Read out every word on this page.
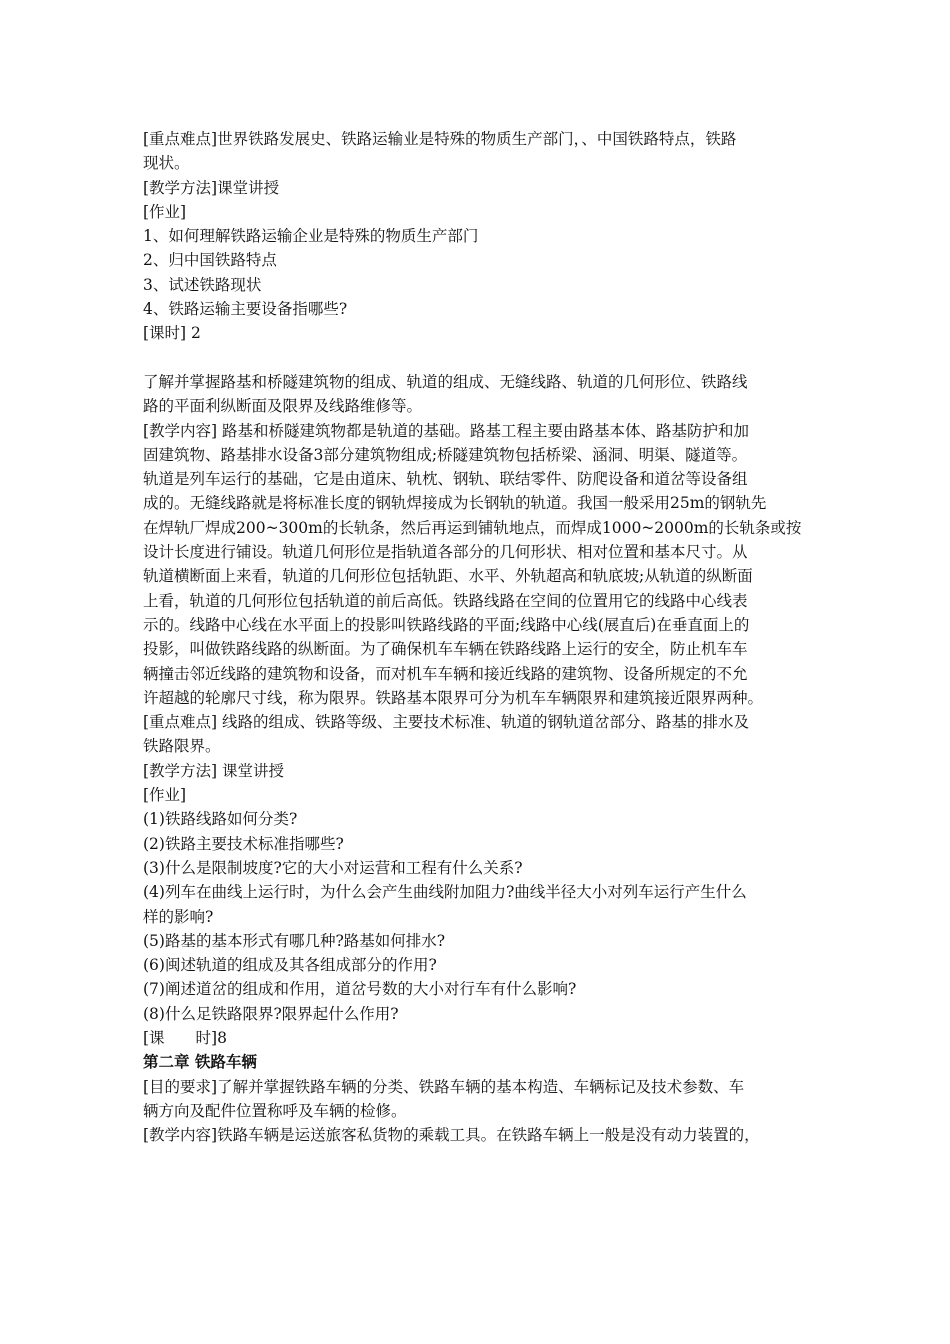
[重点难点]世界铁路发展史、铁路运输业是特殊的物质生产部门，、中国铁路特点，铁路
现状。
[教学方法]课堂讲授
[作业]
1、如何理解铁路运输企业是特殊的物质生产部门
2、归中国铁路特点
3、试述铁路现状
4、铁路运输主要设备指哪些?
[课时] 2
了解并掌握路基和桥隧建筑物的组成、轨道的组成、无缝线路、轨道的几何形位、铁路线
路的平面利纵断面及限界及线路维修等。
[教学内容] 路基和桥隧建筑物都是轨道的基础。路基工程主要由路基本体、路基防护和加
固建筑物、路基排水设备3部分建筑物组成;桥隧建筑物包括桥梁、涵洞、明渠、隧道等。
轨道是列车运行的基础，它是由道床、轨枕、钢轨、联结零件、防爬设备和道岔等设备组
成的。无缝线路就是将标准长度的钢轨焊接成为长钢轨的轨道。我国一般采用25m的钢轨先
在焊轨厂焊成200~300m的长轨条，然后再运到铺轨地点，而焊成1000~2000m的长轨条或按
设计长度进行铺设。轨道几何形位是指轨道各部分的几何形状、相对位置和基本尺寸。从
轨道横断面上来看，轨道的几何形位包括轨距、水平、外轨超高和轨底坡;从轨道的纵断面
上看，轨道的几何形位包括轨道的前后高低。铁路线路在空间的位置用它的线路中心线表
示的。线路中心线在水平面上的投影叫铁路线路的平面;线路中心线(展直后)在垂直面上的
投影，叫做铁路线路的纵断面。为了确保机车车辆在铁路线路上运行的安全，防止机车车
辆撞击邻近线路的建筑物和设备，而对机车车辆和接近线路的建筑物、设备所规定的不允
许超越的轮廓尺寸线，称为限界。铁路基本限界可分为机车车辆限界和建筑接近限界两种。
[重点难点] 线路的组成、铁路等级、主要技术标准、轨道的钢轨道岔部分、路基的排水及
铁路限界。
[教学方法] 课堂讲授
[作业]
(1)铁路线路如何分类?
(2)铁路主要技术标准指哪些?
(3)什么是限制坡度?它的大小对运营和工程有什么关系?
(4)列车在曲线上运行时，为什么会产生曲线附加阻力?曲线半径大小对列车运行产生什么
样的影响?
(5)路基的基本形式有哪几种?路基如何排水?
(6)闽述轨道的组成及其各组成部分的作用?
(7)阐述道岔的组成和作用，道岔号数的大小对行车有什么影响?
(8)什么足铁路限界?限界起什么作用?
[课　　时]8
第二章 铁路车辆
[目的要求]了解并掌握铁路车辆的分类、铁路车辆的基本构造、车辆标记及技术参数、车
辆方向及配件位置称呼及车辆的检修。
[教学内容]铁路车辆是运送旅客私货物的乘载工具。在铁路车辆上一般是没有动力装置的，
